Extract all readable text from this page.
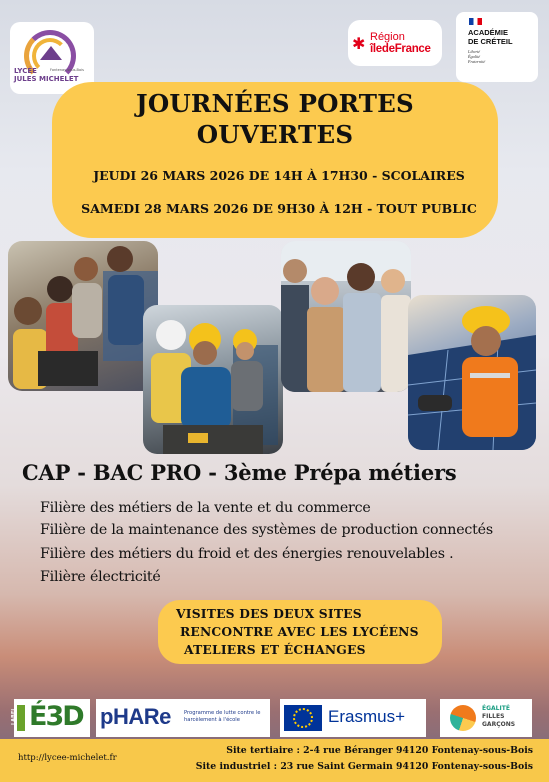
LYCÉE
JULES MICHELET
Fontenay-sous-Bois
✱ Région
îledeFrance
ACADÉMIE
DE CRÉTEIL
Liberté
Égalité
Fraternité
JOURNÉES PORTES
OUVERTES
JEUDI 26 MARS 2026 DE 14H À 17H30 - SCOLAIRES
SAMEDI 28 MARS 2026 DE 9H30 À 12H - TOUT PUBLIC
CAP - BAC PRO - 3ème Prépa métiers
Filière des métiers de la vente et du commerce
Filière de la maintenance des systèmes de production connectés
Filière des métiers du froid et des énergies renouvelables .
Filière électricité
VISITES DES DEUX SITES
RENCONTRE AVEC LES LYCÉENS
ATELIERS ET ÉCHANGES
LABEL É3D pHARe	Programme de lutte contre le harcèlement à l'école	Erasmus+	ÉGALITÉ
FILLES
GARÇONS
http://lycee-michelet.fr
Site tertiaire : 2-4 rue Béranger 94120 Fontenay-sous-Bois
Site industriel : 23 rue Saint Germain 94120 Fontenay-sous-Bois
